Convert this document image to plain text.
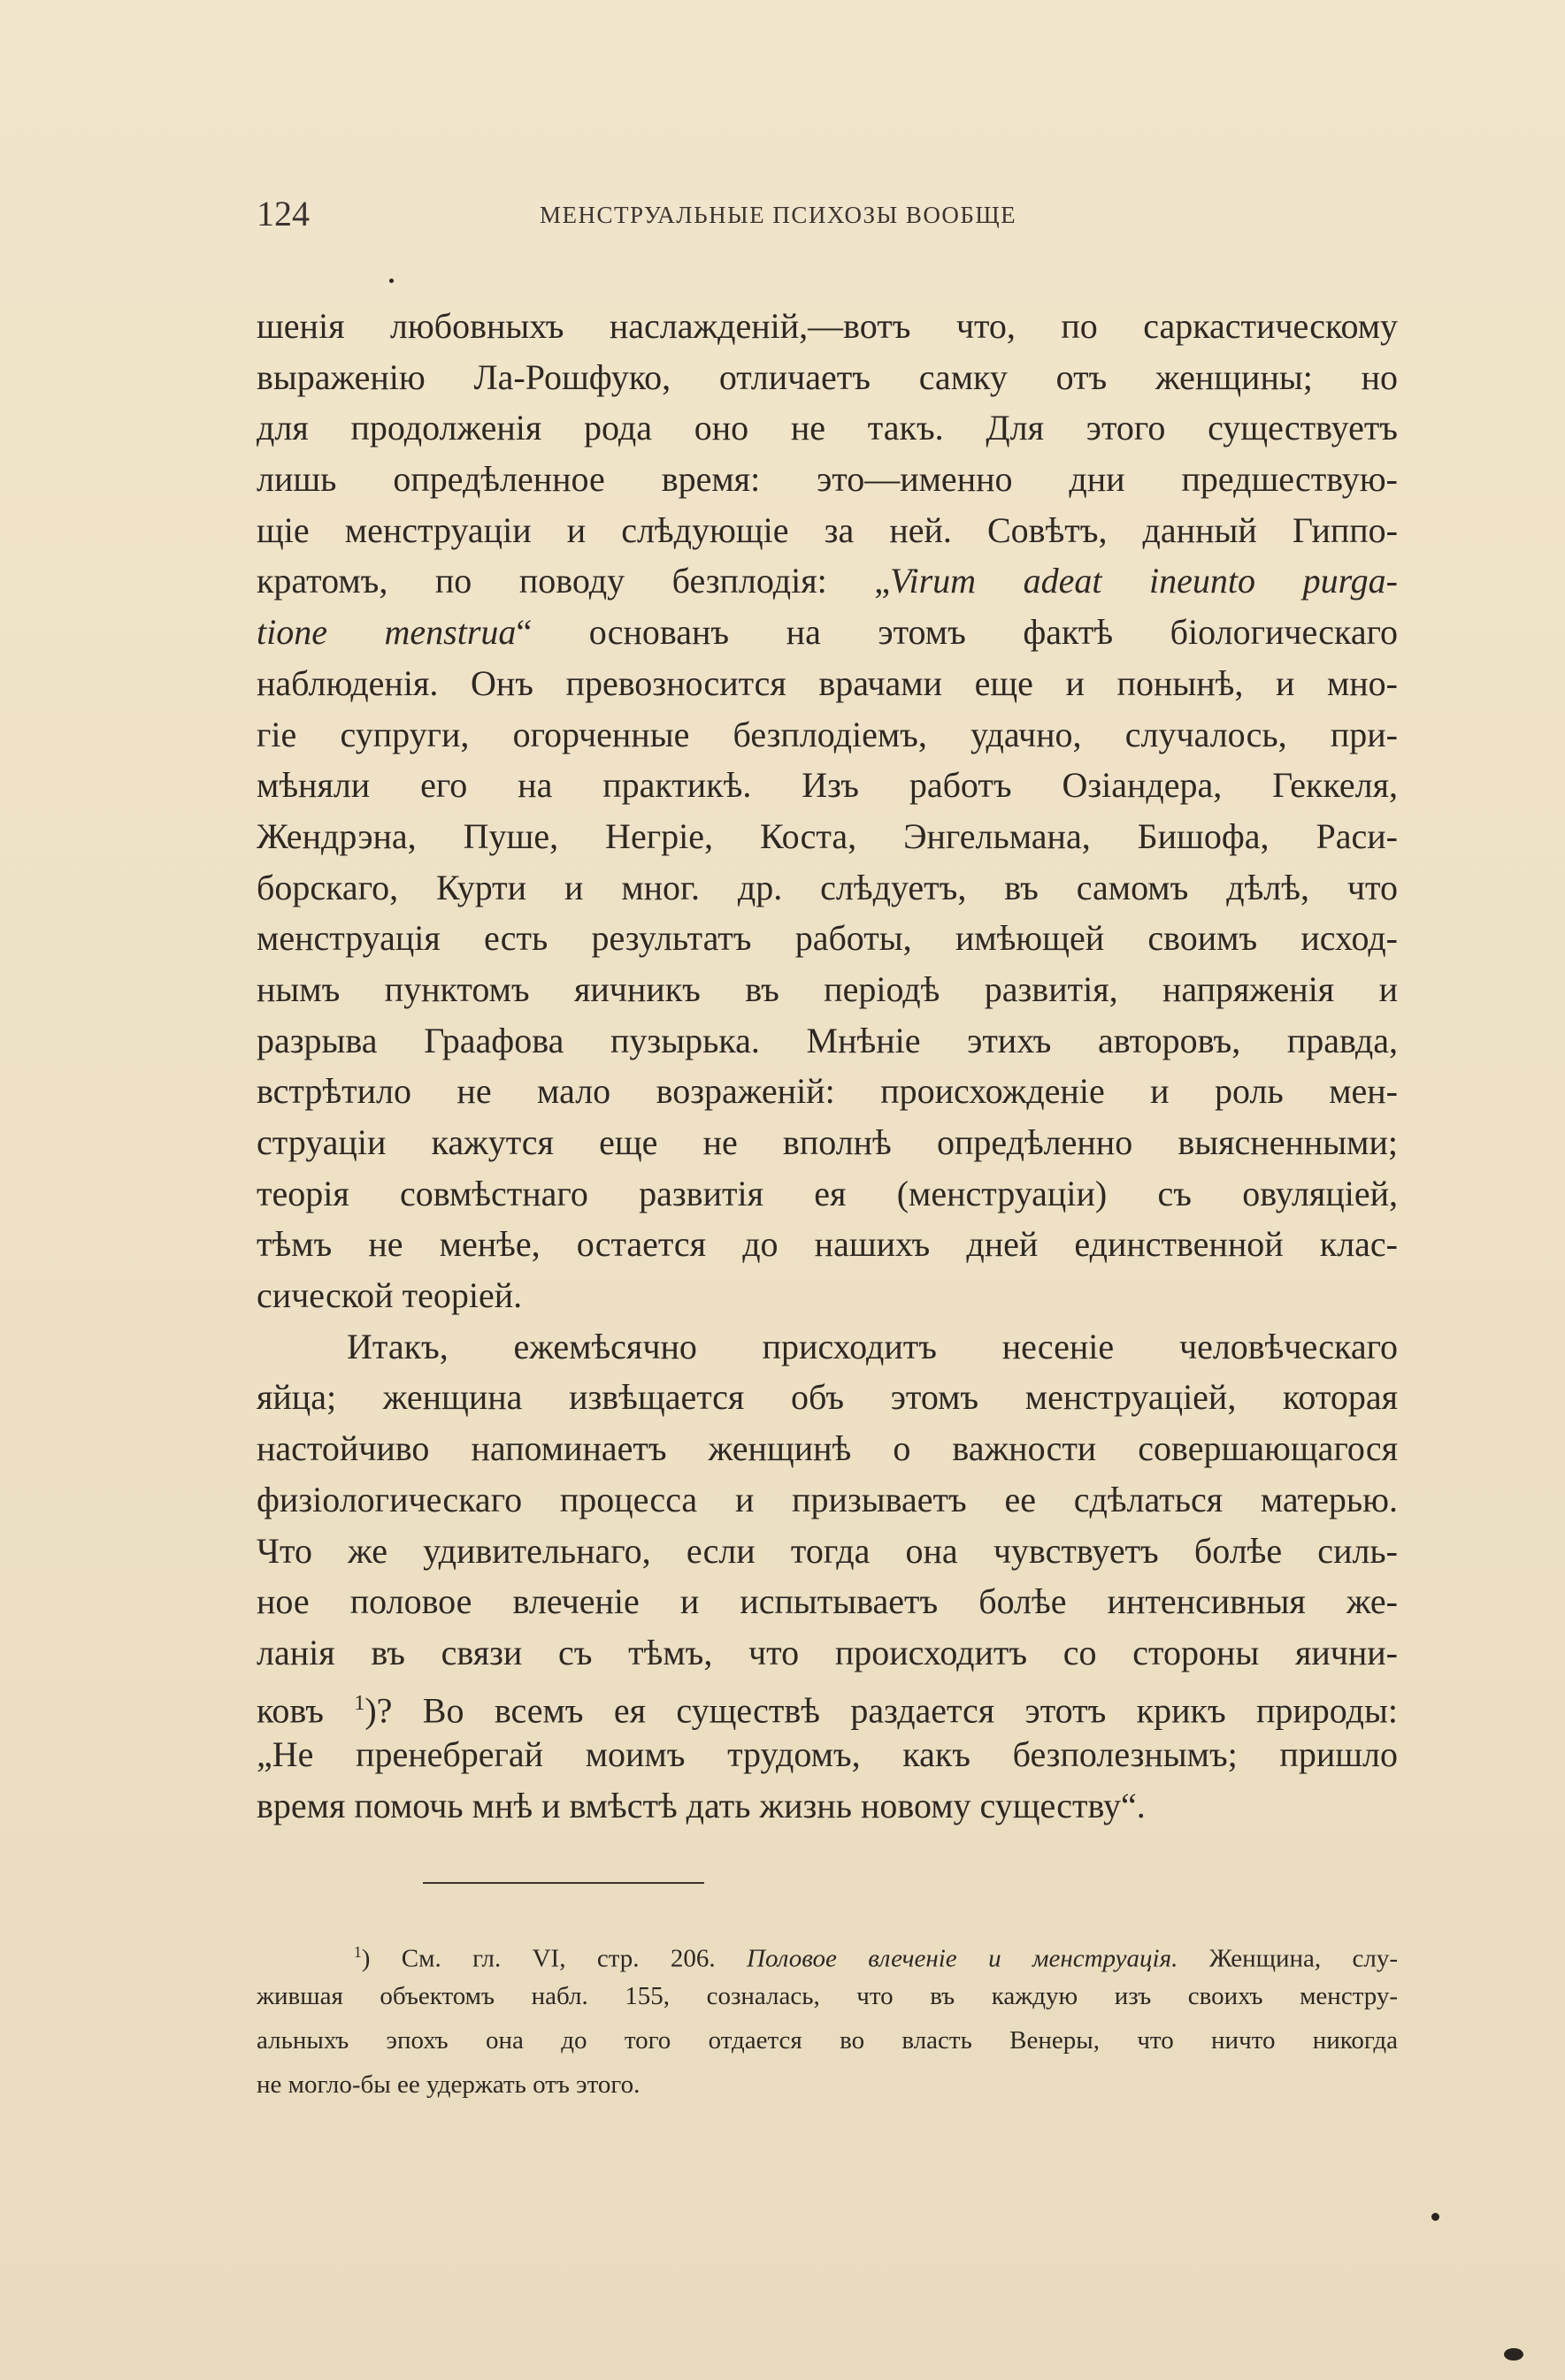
124	МЕНСТРУАЛЬНЫЕ ПСИХОЗЫ ВООБЩЕ
шенія любовныхъ наслажденій,—вотъ что, по саркастическому
выраженію Ла-Рошфуко, отличаетъ самку отъ женщины; но
для продолженія рода оно не такъ. Для этого существуетъ
лишь опредѣленное время: это—именно дни предшествую-
щіе менструаціи и слѣдующіе за ней. Совѣтъ, данный Гиппо-
кратомъ, по поводу безплодія: „Virum adeat ineunto purga-
tione menstrua“ основанъ на этомъ фактѣ біологическаго
наблюденія. Онъ превозносится врачами еще и понынѣ, и мно-
гіе супруги, огорченные безплодіемъ, удачно, случалось, при-
мѣняли его на практикѣ. Изъ работъ Озіандера, Геккеля,
Жендрэна, Пуше, Негріе, Коста, Энгельмана, Бишофа, Раси-
борскаго, Курти и мног. др. слѣдуетъ, въ самомъ дѣлѣ, что
менструація есть результатъ работы, имѣющей своимъ исход-
нымъ пунктомъ яичникъ въ періодѣ развитія, напряженія и
разрыва Граафова пузырька. Мнѣніе этихъ авторовъ, правда,
встрѣтило не мало возраженій: происхожденіе и роль мен-
струаціи кажутся еще не вполнѣ опредѣленно выясненными;
теорія совмѣстнаго развитія ея (менструаціи) съ овуляціей,
тѣмъ не менѣе, остается до нашихъ дней единственной клас-
сической теоріей.
Итакъ, ежемѣсячно присходитъ несеніе человѣческаго
яйца; женщина извѣщается объ этомъ менструаціей, которая
настойчиво напоминаетъ женщинѣ о важности совершающагося
физіологическаго процесса и призываетъ ее сдѣлаться матерью.
Что же удивительнаго, если тогда она чувствуетъ болѣе силь-
ное половое влеченіе и испытываетъ болѣе интенсивныя же-
ланія въ связи съ тѣмъ, что происходитъ со стороны яични-
ковъ $^1$)? Во всемъ ея существѣ раздается этотъ крикъ природы:
„Не пренебрегай моимъ трудомъ, какъ безполезнымъ; пришло
время помочь мнѣ и вмѣстѣ дать жизнь новому существу“.
$^1$) См. гл. VI, стр. 206. Половое влеченіе и менструація. Женщина, слу-
жившая объектомъ набл. 155, созналась, что въ каждую изъ своихъ менстру-
альныхъ эпохъ она до того отдается во власть Венеры, что ничто никогда
не могло-бы ее удержать отъ этого.
